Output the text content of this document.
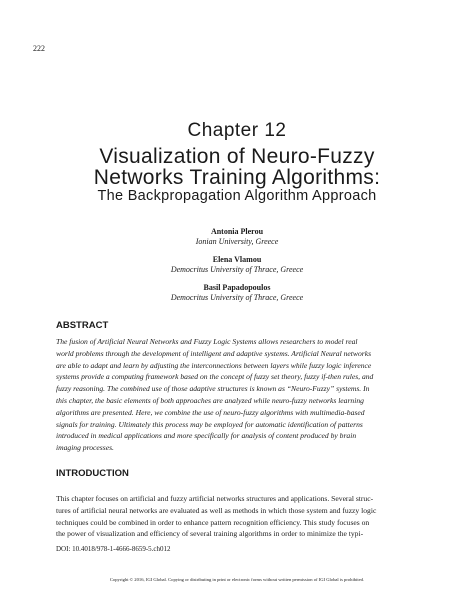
222
Chapter 12
Visualization of Neuro-Fuzzy
Networks Training Algorithms:
The Backpropagation Algorithm Approach
Antonia Plerou
Ionian University, Greece
Elena Vlamou
Democritus University of Thrace, Greece
Basil Papadopoulos
Democritus University of Thrace, Greece
ABSTRACT
The fusion of Artificial Neural Networks and Fuzzy Logic Systems allows researchers to model real
world problems through the development of intelligent and adaptive systems. Artificial Neural networks
are able to adapt and learn by adjusting the interconnections between layers while fuzzy logic inference
systems provide a computing framework based on the concept of fuzzy set theory, fuzzy if-then rules, and
fuzzy reasoning. The combined use of those adaptive structures is known as “Neuro-Fuzzy” systems. In
this chapter, the basic elements of both approaches are analyzed while neuro-fuzzy networks learning
algorithms are presented. Here, we combine the use of neuro-fuzzy algorithms with multimedia-based
signals for training. Ultimately this process may be employed for automatic identification of patterns
introduced in medical applications and more specifically for analysis of content produced by brain
imaging processes.
INTRODUCTION
This chapter focuses on artificial and fuzzy artificial networks structures and applications. Several struc-
tures of artificial neural networks are evaluated as well as methods in which those system and fuzzy logic
techniques could be combined in order to enhance pattern recognition efficiency. This study focuses on
the power of visualization and efficiency of several training algorithms in order to minimize the typi-
DOI: 10.4018/978-1-4666-8659-5.ch012
Copyright © 2016, IGI Global. Copying or distributing in print or electronic forms without written permission of IGI Global is prohibited.
